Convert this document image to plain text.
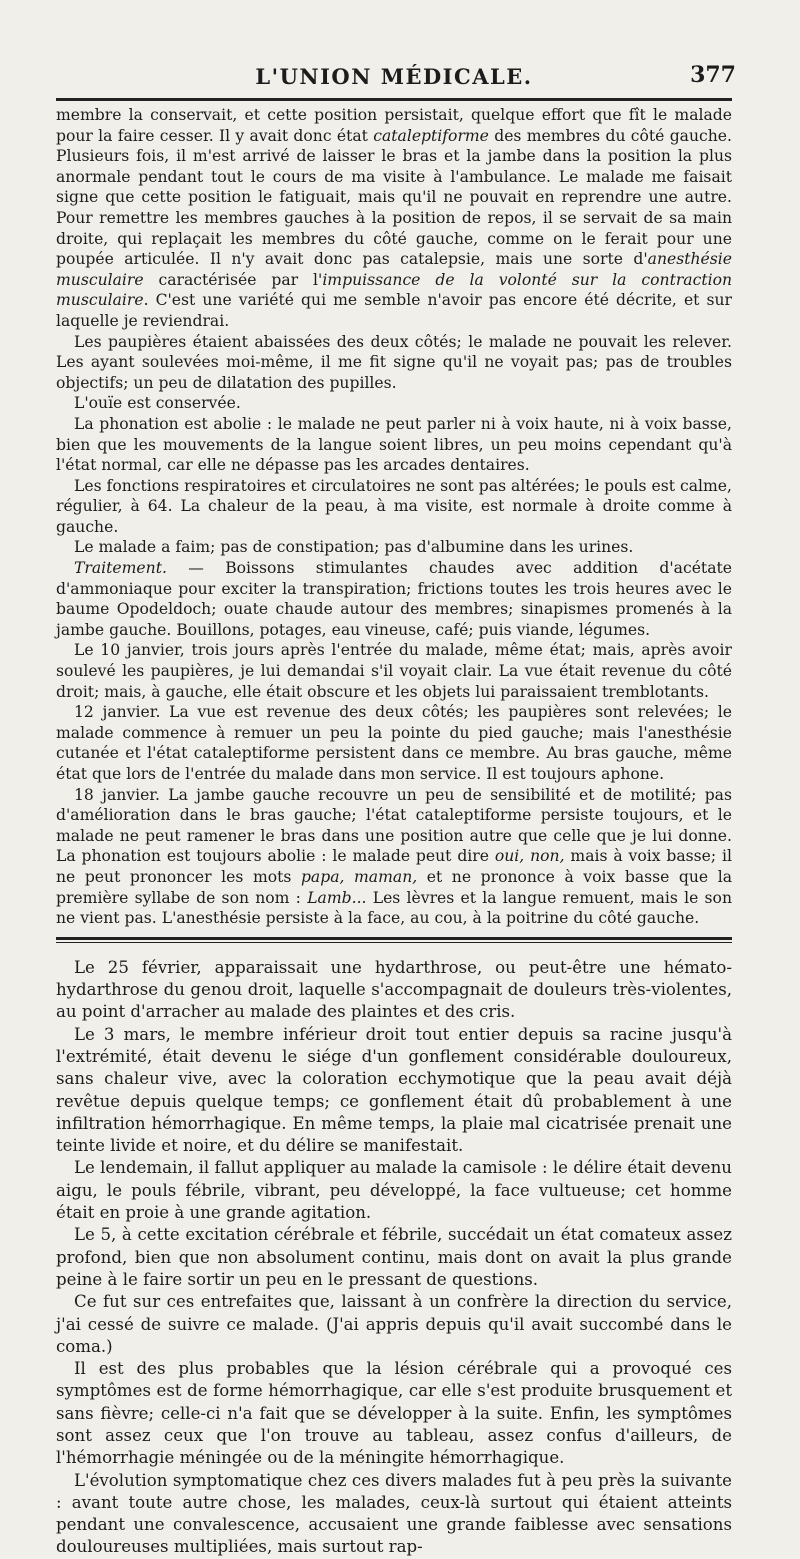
L'UNION MÉDICALE.	377

membre la conservait, et cette position persistait, quelque effort que fît le malade pour la faire cesser. Il y avait donc état cataleptiforme des membres du côté gauche. Plusieurs fois, il m'est arrivé de laisser le bras et la jambe dans la position la plus anormale pendant tout le cours de ma visite à l'ambulance. Le malade me faisait signe que cette position le fatiguait, mais qu'il ne pouvait en reprendre une autre. Pour remettre les membres gauches à la position de repos, il se servait de sa main droite, qui replaçait les membres du côté gauche, comme on le ferait pour une poupée articulée. Il n'y avait donc pas catalepsie, mais une sorte d'anesthésie musculaire caractérisée par l'impuissance de la volonté sur la contraction musculaire. C'est une variété qui me semble n'avoir pas encore été décrite, et sur laquelle je reviendrai.

Les paupières étaient abaissées des deux côtés; le malade ne pouvait les relever. Les ayant soulevées moi-même, il me fit signe qu'il ne voyait pas; pas de troubles objectifs; un peu de dilatation des pupilles.

L'ouïe est conservée.

La phonation est abolie : le malade ne peut parler ni à voix haute, ni à voix basse, bien que les mouvements de la langue soient libres, un peu moins cependant qu'à l'état normal, car elle ne dépasse pas les arcades dentaires.

Les fonctions respiratoires et circulatoires ne sont pas altérées; le pouls est calme, régulier, à 64. La chaleur de la peau, à ma visite, est normale à droite comme à gauche.

Le malade a faim; pas de constipation; pas d'albumine dans les urines.

Traitement. — Boissons stimulantes chaudes avec addition d'acétate d'ammoniaque pour exciter la transpiration; frictions toutes les trois heures avec le baume Opodeldoch; ouate chaude autour des membres; sinapismes promenés à la jambe gauche. Bouillons, potages, eau vineuse, café; puis viande, légumes.

Le 10 janvier, trois jours après l'entrée du malade, même état; mais, après avoir soulevé les paupières, je lui demandai s'il voyait clair. La vue était revenue du côté droit; mais, à gauche, elle était obscure et les objets lui paraissaient tremblotants.

12 janvier. La vue est revenue des deux côtés; les paupières sont relevées; le malade commence à remuer un peu la pointe du pied gauche; mais l'anesthésie cutanée et l'état cataleptiforme persistent dans ce membre. Au bras gauche, même état que lors de l'entrée du malade dans mon service. Il est toujours aphone.

18 janvier. La jambe gauche recouvre un peu de sensibilité et de motilité; pas d'amélioration dans le bras gauche; l'état cataleptiforme persiste toujours, et le malade ne peut ramener le bras dans une position autre que celle que je lui donne. La phonation est toujours abolie : le malade peut dire oui, non, mais à voix basse; il ne peut prononcer les mots papa, maman, et ne prononce à voix basse que la première syllabe de son nom : Lamb... Les lèvres et la langue remuent, mais le son ne vient pas. L'anesthésie persiste à la face, au cou, à la poitrine du côté gauche.

Le 25 février, apparaissait une hydarthrose, ou peut-être une hémato-hydarthrose du genou droit, laquelle s'accompagnait de douleurs très-violentes, au point d'arracher au malade des plaintes et des cris.

Le 3 mars, le membre inférieur droit tout entier depuis sa racine jusqu'à l'extrémité, était devenu le siége d'un gonflement considérable douloureux, sans chaleur vive, avec la coloration ecchymotique que la peau avait déjà revêtue depuis quelque temps; ce gonflement était dû probablement à une infiltration hémorrhagique. En même temps, la plaie mal cicatrisée prenait une teinte livide et noire, et du délire se manifestait.

Le lendemain, il fallut appliquer au malade la camisole : le délire était devenu aigu, le pouls fébrile, vibrant, peu développé, la face vultueuse; cet homme était en proie à une grande agitation.

Le 5, à cette excitation cérébrale et fébrile, succédait un état comateux assez profond, bien que non absolument continu, mais dont on avait la plus grande peine à le faire sortir un peu en le pressant de questions.

Ce fut sur ces entrefaites que, laissant à un confrère la direction du service, j'ai cessé de suivre ce malade. (J'ai appris depuis qu'il avait succombé dans le coma.)

Il est des plus probables que la lésion cérébrale qui a provoqué ces symptômes est de forme hémorrhagique, car elle s'est produite brusquement et sans fièvre; celle-ci n'a fait que se développer à la suite. Enfin, les symptômes sont assez ceux que l'on trouve au tableau, assez confus d'ailleurs, de l'hémorrhagie méningée ou de la méningite hémorrhagique.

L'évolution symptomatique chez ces divers malades fut à peu près la suivante : avant toute autre chose, les malades, ceux-là surtout qui étaient atteints pendant une convalescence, accusaient une grande faiblesse avec sensations douloureuses multipliées, mais surtout rap-
